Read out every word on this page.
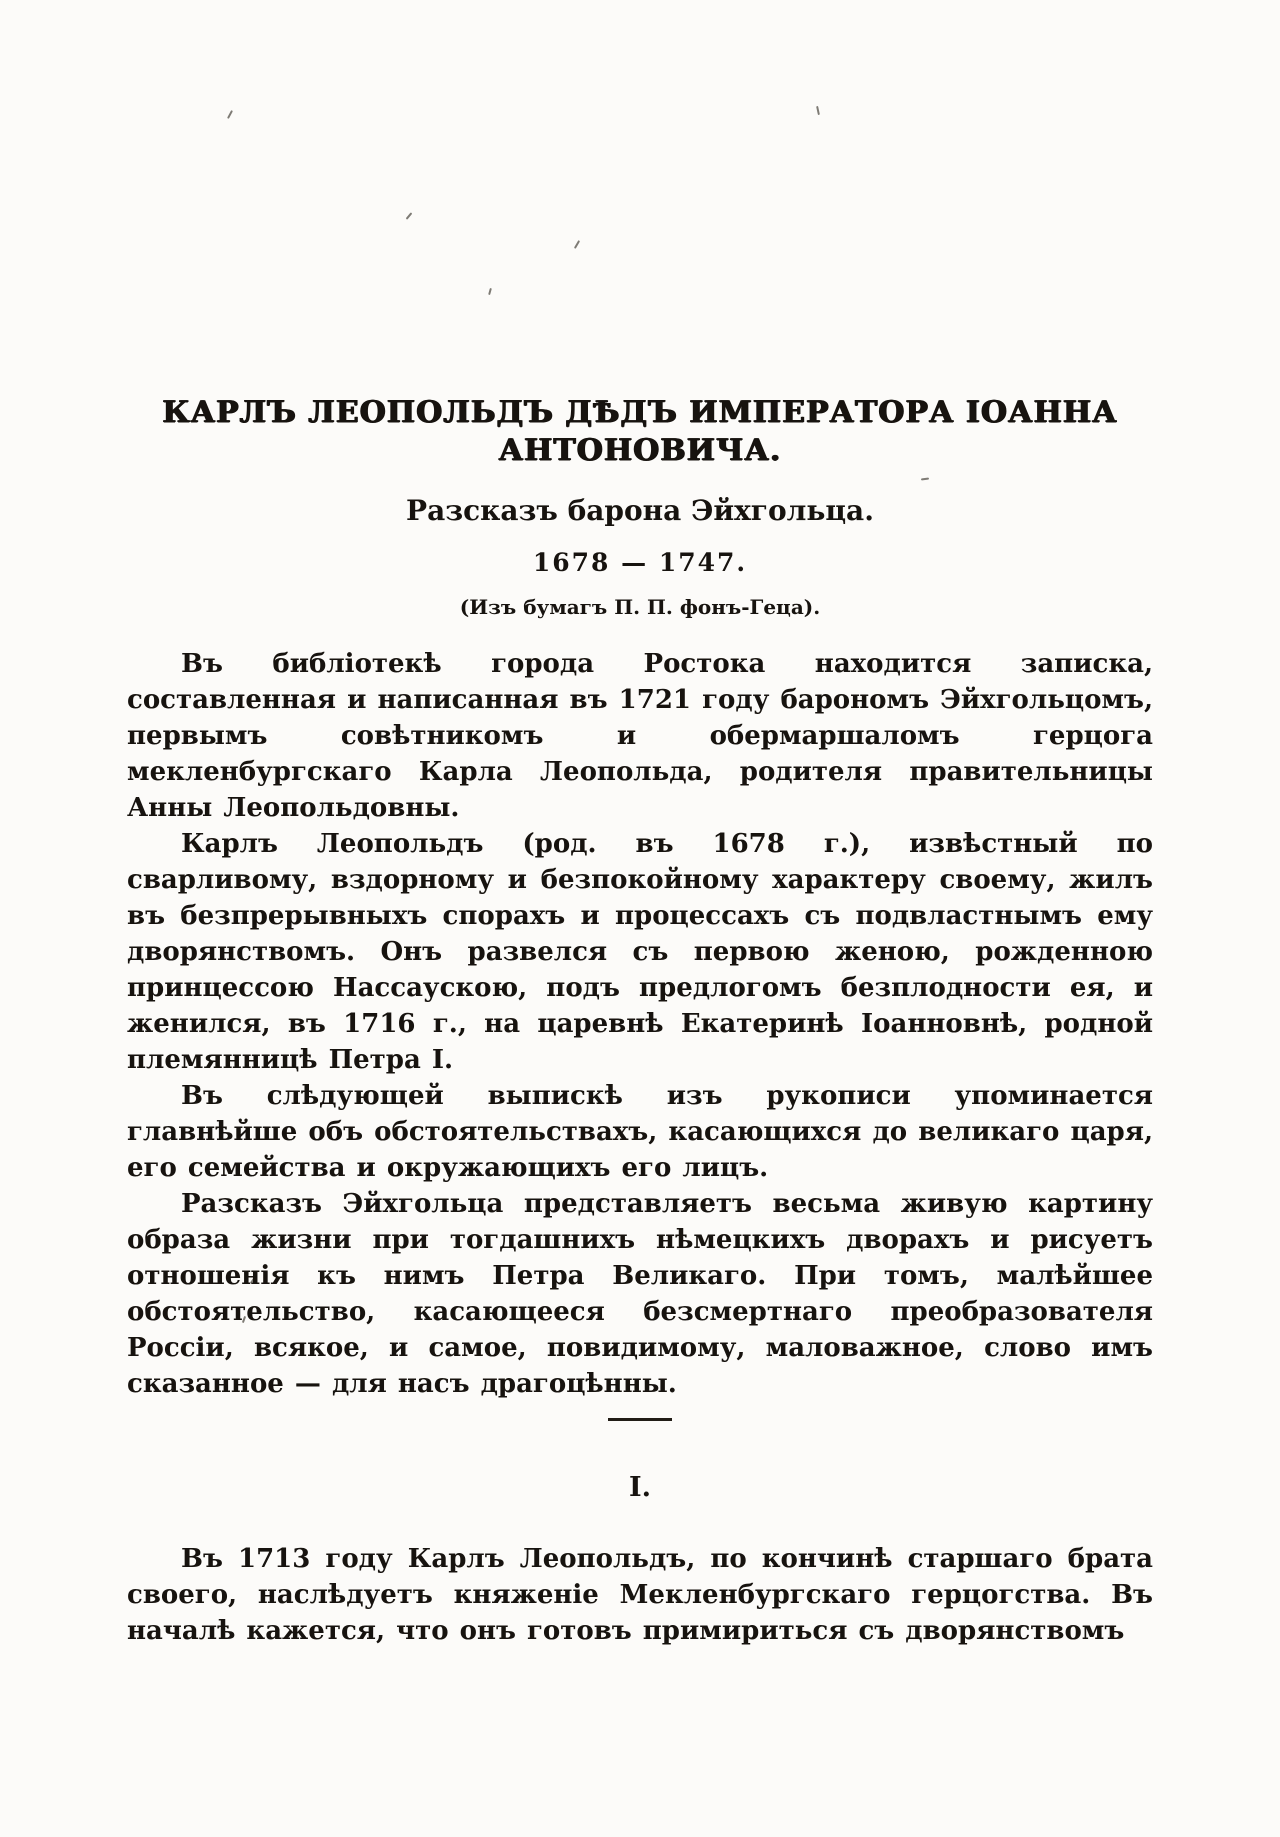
КАРЛЪ ЛЕОПОЛЬДЪ ДѢДЪ ИМПЕРАТОРА ІОАННА АНТОНОВИЧА.
Разсказъ барона Эйхгольца.
1678 — 1747.
(Изъ бумагъ П. П. фонъ-Геца).

Въ библіотекѣ города Ростока находится записка, составленная и написанная въ 1721 году барономъ Эйхгольцомъ, первымъ совѣтникомъ и обермаршаломъ герцога мекленбургскаго Карла Леопольда, родителя правительницы Анны Леопольдовны.

Карлъ Леопольдъ (род. въ 1678 г.), извѣстный по сварливому, вздорному и безпокойному характеру своему, жилъ въ безпрерывныхъ спорахъ и процессахъ съ подвластнымъ ему дворянствомъ. Онъ развелся съ первою женою, рожденною принцессою Нассаускою, подъ предлогомъ безплодности ея, и женился, въ 1716 г., на царевнѣ Екатеринѣ Іоанновнѣ, родной племянницѣ Петра I.

Въ слѣдующей выпискѣ изъ рукописи упоминается главнѣйше объ обстоятельствахъ, касающихся до великаго царя, его семейства и окружающихъ его лицъ.

Разсказъ Эйхгольца представляетъ весьма живую картину образа жизни при тогдашнихъ нѣмецкихъ дворахъ и рисуетъ отношенія къ нимъ Петра Великаго. При томъ, малѣйшее обстоятельство, касающееся безсмертнаго преобразователя Россіи, всякое, и самое, повидимому, маловажное, слово имъ сказанное — для насъ драгоцѣнны.

I.

Въ 1713 году Карлъ Леопольдъ, по кончинѣ старшаго брата своего, наслѣдуетъ княженіе Мекленбургскаго герцогства. Въ началѣ кажется, что онъ готовъ примириться съ дворянствомъ
